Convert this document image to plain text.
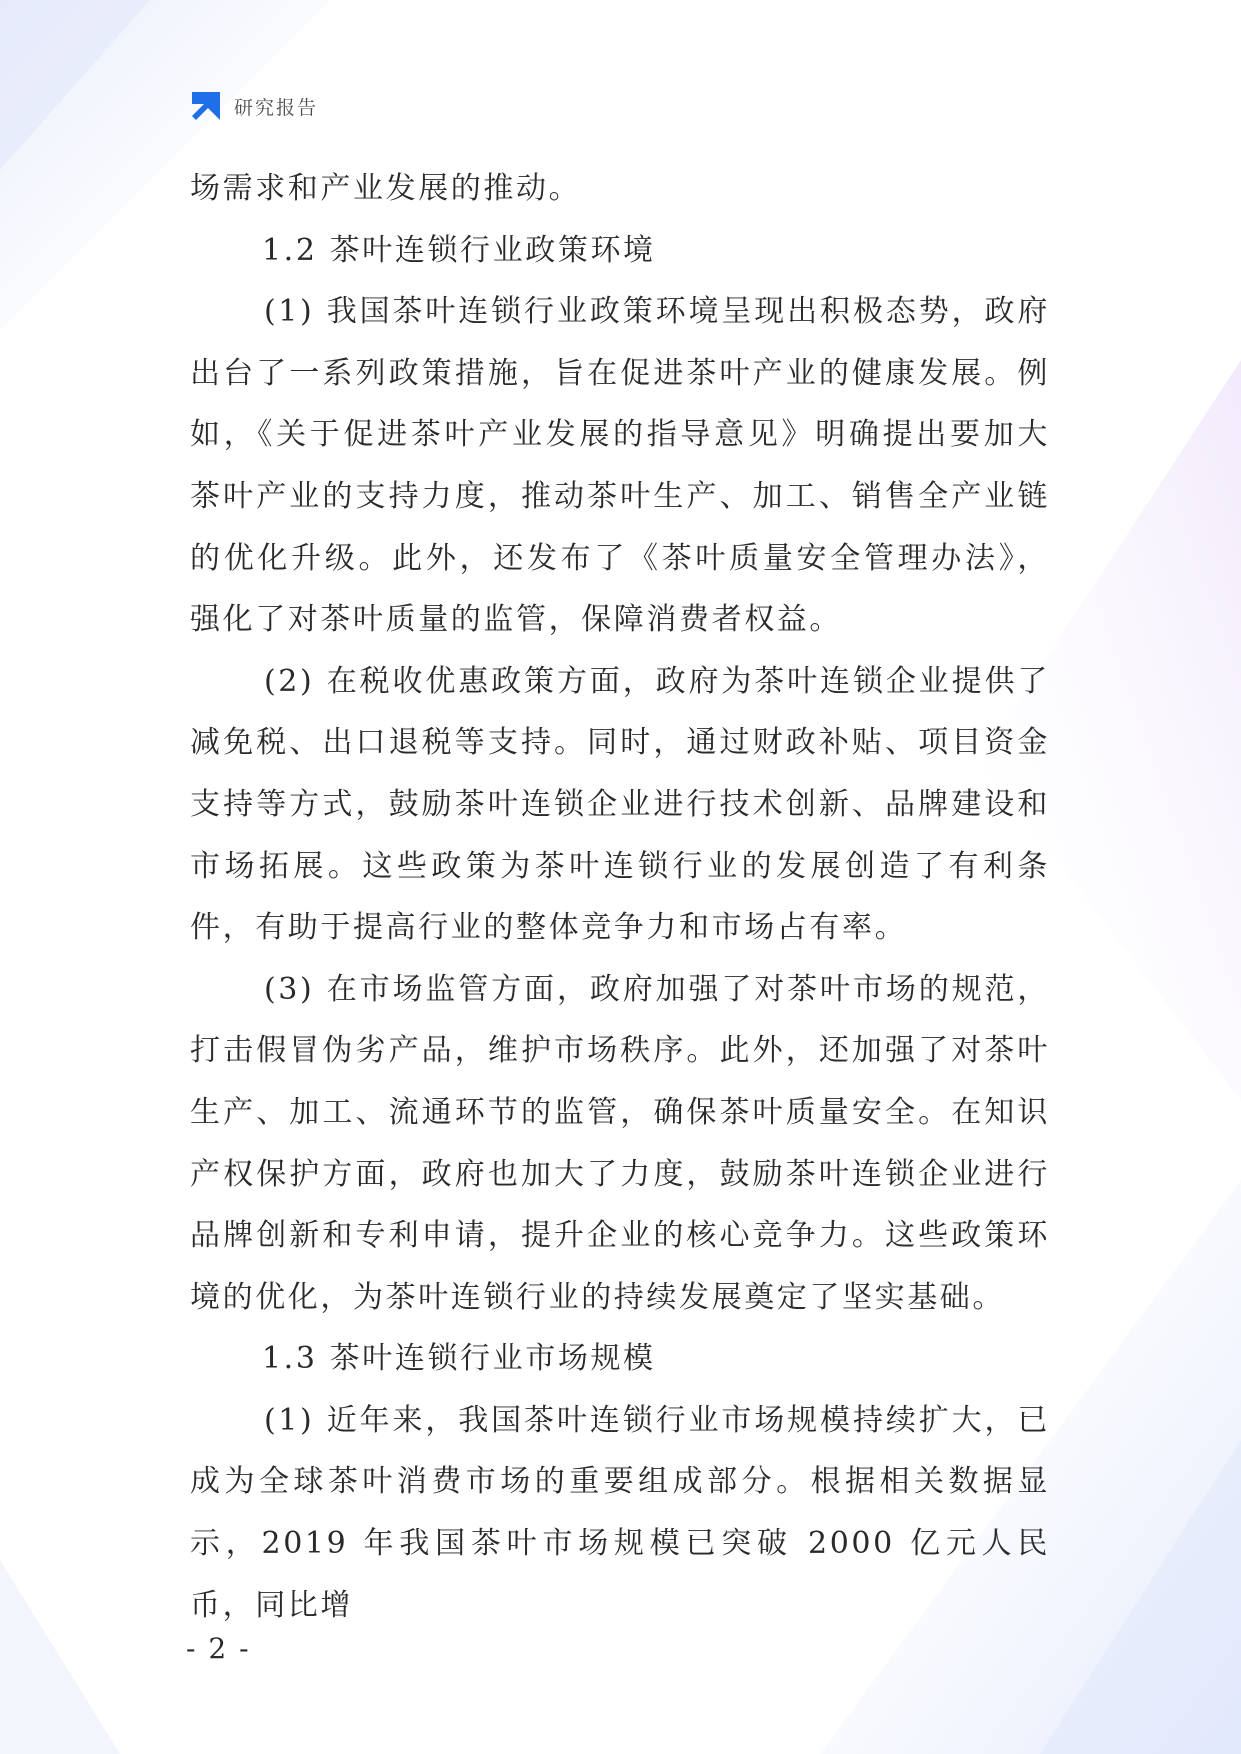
研究报告

场需求和产业发展的推动。

1.2 茶叶连锁行业政策环境

(1) 我国茶叶连锁行业政策环境呈现出积极态势，政府出台了一系列政策措施，旨在促进茶叶产业的健康发展。例如，《关于促进茶叶产业发展的指导意见》明确提出要加大茶叶产业的支持力度，推动茶叶生产、加工、销售全产业链的优化升级。此外，还发布了《茶叶质量安全管理办法》，强化了对茶叶质量的监管，保障消费者权益。

(2) 在税收优惠政策方面，政府为茶叶连锁企业提供了减免税、出口退税等支持。同时，通过财政补贴、项目资金支持等方式，鼓励茶叶连锁企业进行技术创新、品牌建设和市场拓展。这些政策为茶叶连锁行业的发展创造了有利条件，有助于提高行业的整体竞争力和市场占有率。

(3) 在市场监管方面，政府加强了对茶叶市场的规范，打击假冒伪劣产品，维护市场秩序。此外，还加强了对茶叶生产、加工、流通环节的监管，确保茶叶质量安全。在知识产权保护方面，政府也加大了力度，鼓励茶叶连锁企业进行品牌创新和专利申请，提升企业的核心竞争力。这些政策环境的优化，为茶叶连锁行业的持续发展奠定了坚实基础。

1.3 茶叶连锁行业市场规模

(1) 近年来，我国茶叶连锁行业市场规模持续扩大，已成为全球茶叶消费市场的重要组成部分。根据相关数据显示，2019 年我国茶叶市场规模已突破 2000 亿元人民币，同比增

- 2 -
